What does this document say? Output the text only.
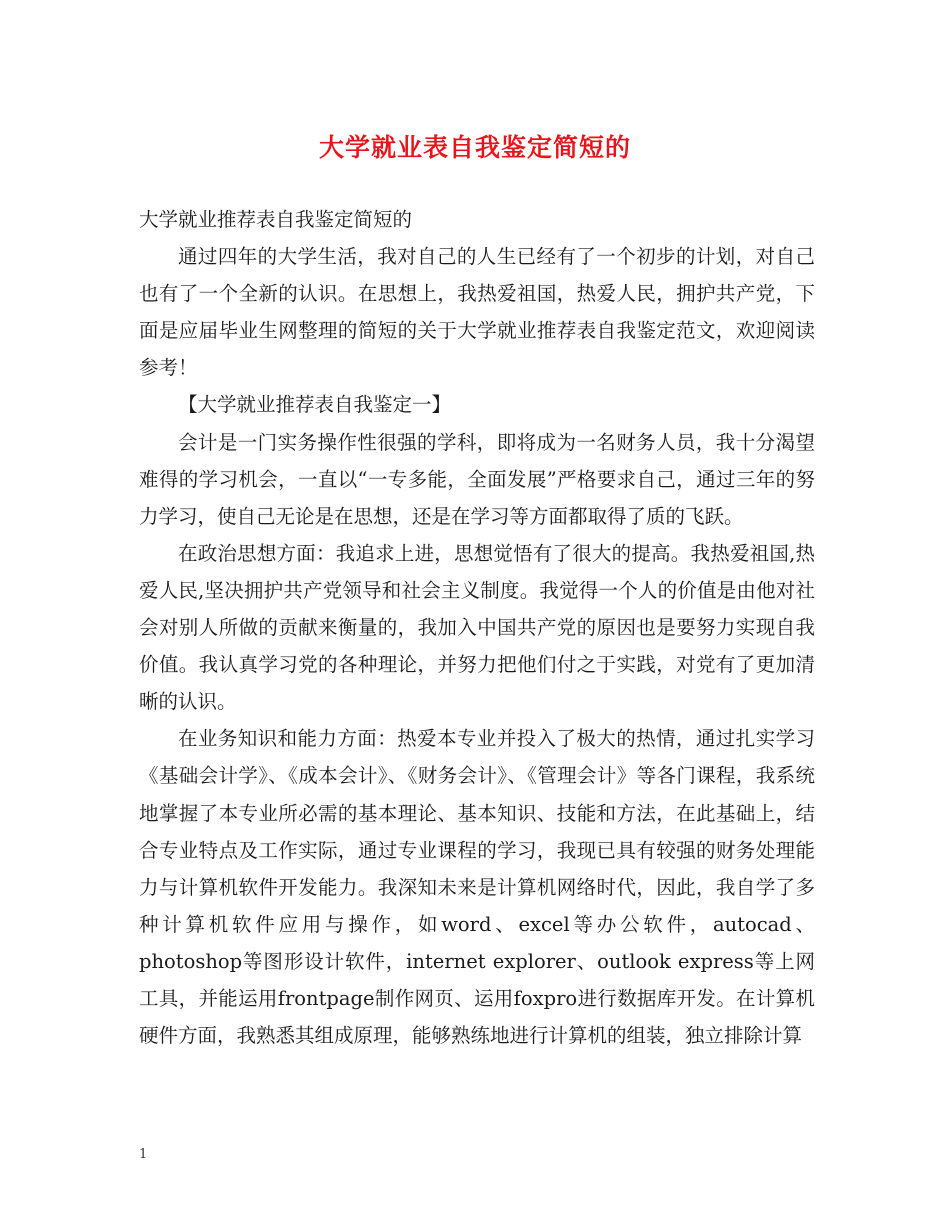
大学就业表自我鉴定简短的

大学就业推荐表自我鉴定简短的

通过四年的大学生活，我对自己的人生已经有了一个初步的计划，对自己也有了一个全新的认识。在思想上，我热爱祖国，热爱人民，拥护共产党，下面是应届毕业生网整理的简短的关于大学就业推荐表自我鉴定范文，欢迎阅读参考！

【大学就业推荐表自我鉴定一】

会计是一门实务操作性很强的学科，即将成为一名财务人员，我十分渴望难得的学习机会，一直以“一专多能，全面发展”严格要求自己，通过三年的努力学习，使自己无论是在思想，还是在学习等方面都取得了质的飞跃。

在政治思想方面：我追求上进，思想觉悟有了很大的提高。我热爱祖国,热爱人民,坚决拥护共产党领导和社会主义制度。我觉得一个人的价值是由他对社会对别人所做的贡献来衡量的，我加入中国共产党的原因也是要努力实现自我价值。我认真学习党的各种理论，并努力把他们付之于实践，对党有了更加清晰的认识。

在业务知识和能力方面：热爱本专业并投入了极大的热情，通过扎实学习《基础会计学》、《成本会计》、《财务会计》、《管理会计》等各门课程，我系统地掌握了本专业所必需的基本理论、基本知识、技能和方法，在此基础上，结合专业特点及工作实际，通过专业课程的学习，我现已具有较强的财务处理能力与计算机软件开发能力。我深知未来是计算机网络时代，因此，我自学了多种计算机软件应用与操作，如word、excel等办公软件，autocad、photoshop等图形设计软件，internet explorer、outlook express等上网工具，并能运用frontpage制作网页、运用foxpro进行数据库开发。在计算机硬件方面，我熟悉其组成原理，能够熟练地进行计算机的组装，独立排除计算

1
